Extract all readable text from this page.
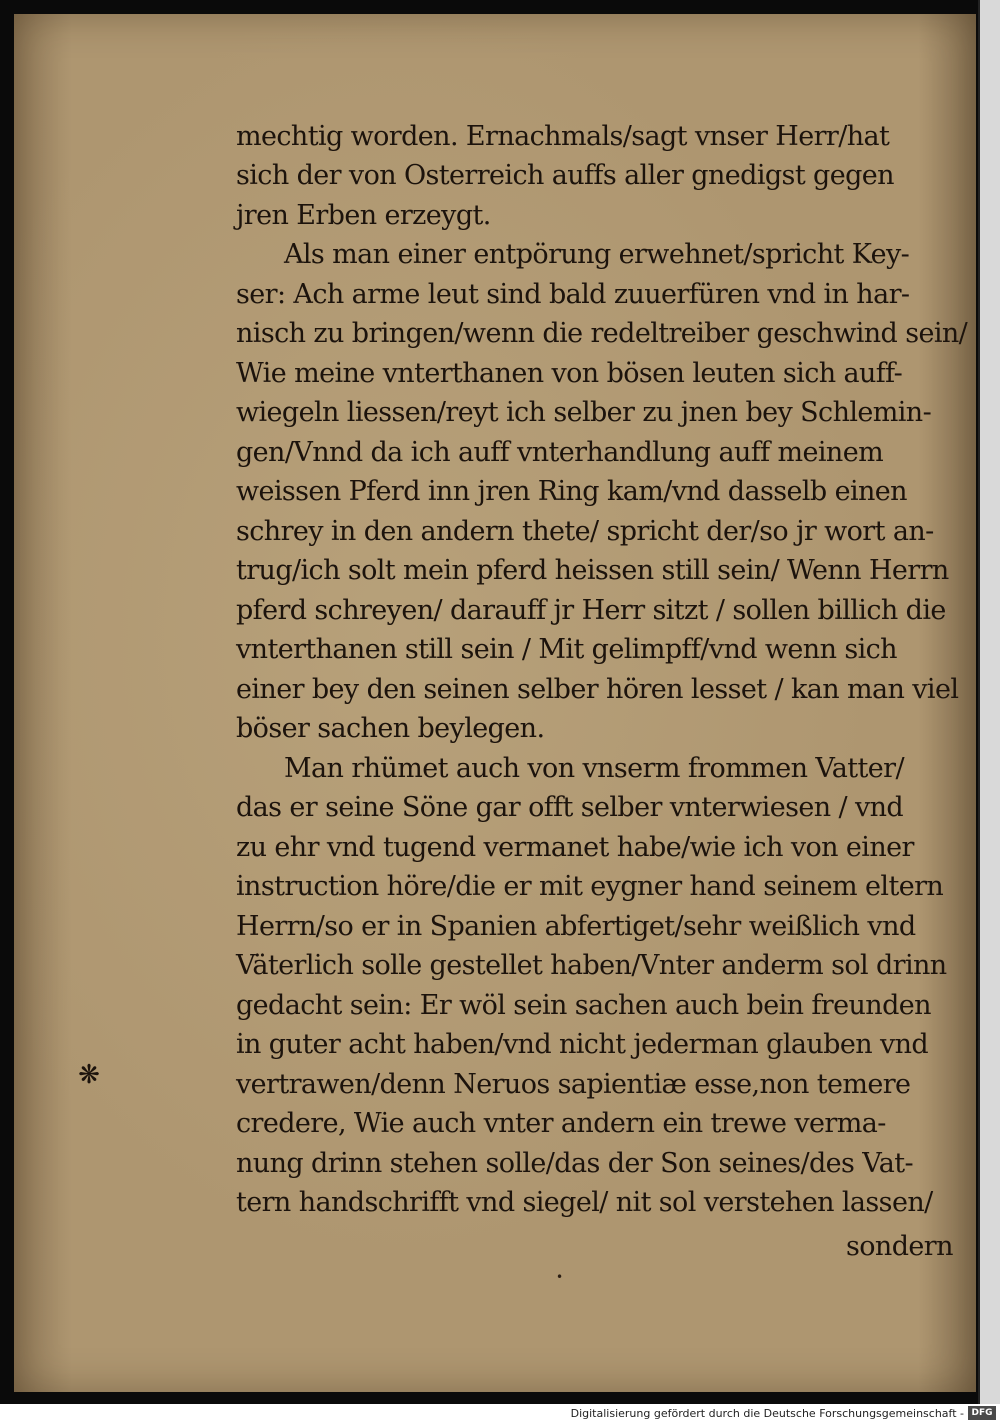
mechtig worden. Ernachmals/sagt vnser Herr/hat
sich der von Osterreich auffs aller gnedigst gegen
jren Erben erzeygt.
Als man einer entpörung erwehnet/spricht Key-
ser: Ach arme leut sind bald zuuerfüren vnd in har-
nisch zu bringen/wenn die redeltreiber geschwind sein/
Wie meine vnterthanen von bösen leuten sich auff-
wiegeln liessen/reyt ich selber zu jnen bey Schlemin-
gen/Vnnd da ich auff vnterhandlung auff meinem
weissen Pferd inn jren Ring kam/vnd dasselb einen
schrey in den andern thete/ spricht der/so jr wort an-
trug/ich solt mein pferd heissen still sein/ Wenn Herrn
pferd schreyen/ darauff jr Herr sitzt / sollen billich die
vnterthanen still sein / Mit gelimpff/vnd wenn sich
einer bey den seinen selber hören lesset / kan man viel
böser sachen beylegen.
Man rhümet auch von vnserm frommen Vatter/
das er seine Söne gar offt selber vnterwiesen / vnd
zu ehr vnd tugend vermanet habe/wie ich von einer
instruction höre/die er mit eygner hand seinem eltern
Herrn/so er in Spanien abfertiget/sehr weißlich vnd
Väterlich solle gestellet haben/Vnter anderm sol drinn
gedacht sein: Er wöl sein sachen auch bein freunden
in guter acht haben/vnd nicht jederman glauben vnd
vertrawen/denn Neruos sapientiæ esse,non temere
credere, Wie auch vnter andern ein trewe verma-
nung drinn stehen solle/das der Son seines/des Vat-
tern handschrifft vnd siegel/ nit sol verstehen lassen/
sondern
❋
•
Digitalisierung gefördert durch die Deutsche Forschungsgemeinschaft - DFG
